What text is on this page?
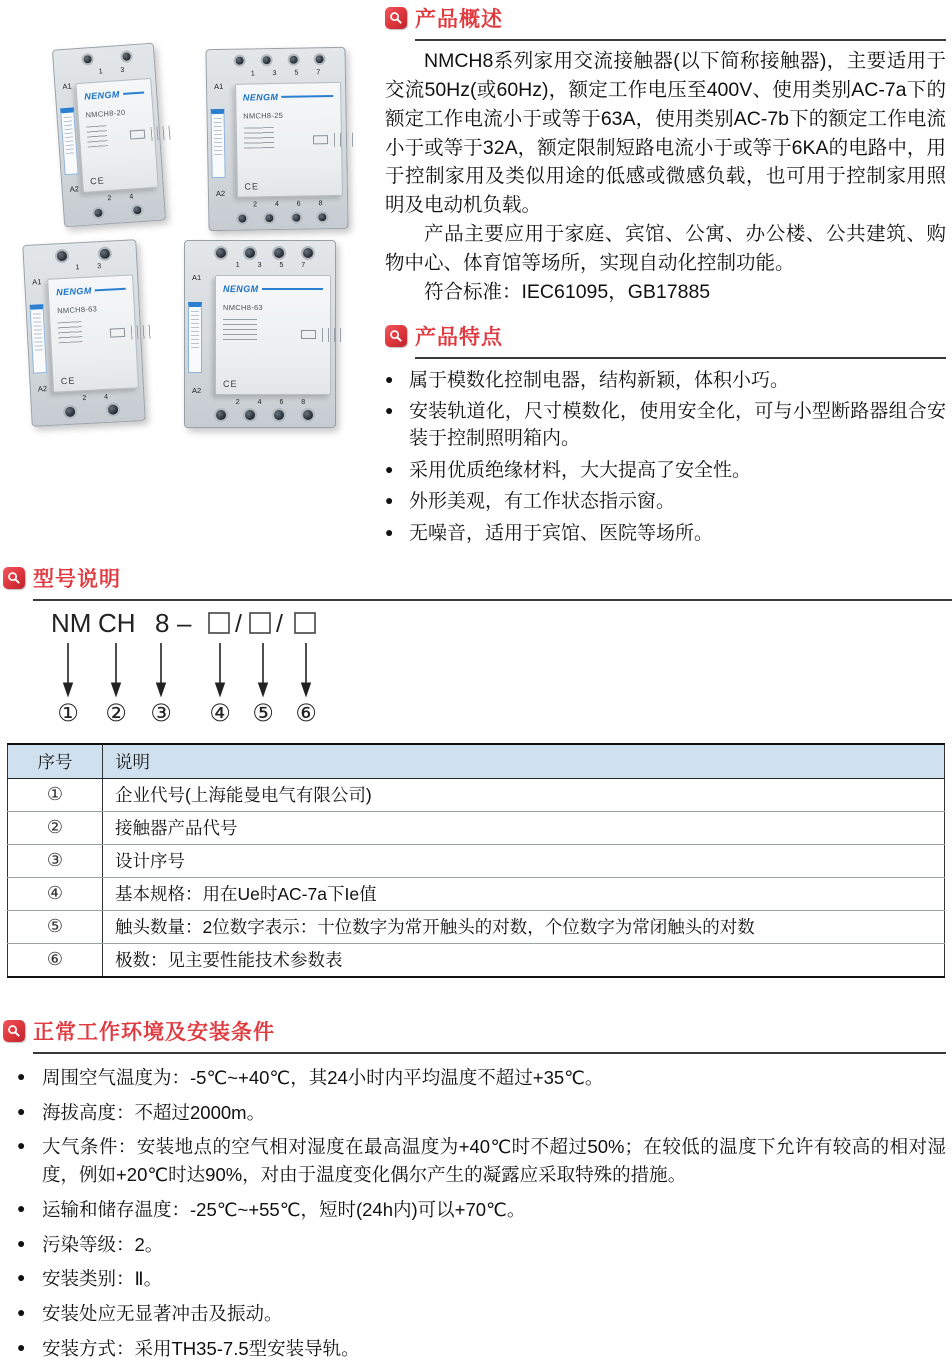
1 3
A1
NENGM
NMCH8-20
CE
A2
2 4
1 3 5 7
A1
NENGM
NMCH8-25
CE
A2
2 4 6 8
1 3
A1
NENGM
NMCH8-63
CE
A2
2 4
1 3 5 7
A1
NENGM
NMCH8-63
CE
A2
2 4 6 8
产品概述

NMCH8系列家用交流接触器(以下简称接触器)，主要适用于交流50Hz(或60Hz)，额定工作电压至400V、使用类别AC-7a下的额定工作电流小于或等于63A，使用类别AC-7b下的额定工作电流小于或等于32A，额定限制短路电流小于或等于6KA的电路中，用于控制家用及类似用途的低感或微感负载，也可用于控制家用照明及电动机负载。

产品主要应用于家庭、宾馆、公寓、办公楼、公共建筑、购物中心、体育馆等场所，实现自动化控制功能。

符合标准：IEC61095，GB17885

产品特点
● 属于模数化控制电器，结构新颖，体积小巧。
● 安装轨道化，尺寸模数化，使用安全化，可与小型断路器组合安装于控制照明箱内。
● 采用优质绝缘材料，大大提高了安全性。
● 外形美观，有工作状态指示窗。
● 无噪音，适用于宾馆、医院等场所。
型号说明
NM CH 8 – / /
① ② ③ ④ ⑤ ⑥
序号	说明
①	企业代号(上海能曼电气有限公司)
②	接触器产品代号
③	设计序号
④	基本规格：用在Ue时AC-7a下Ie值
⑤	触头数量：2位数字表示：十位数字为常开触头的对数，个位数字为常闭触头的对数
⑥	极数：见主要性能技术参数表
正常工作环境及安装条件
● 周围空气温度为：-5℃~+40℃，其24小时内平均温度不超过+35℃。
● 海拔高度：不超过2000m。
● 大气条件：安装地点的空气相对湿度在最高温度为+40℃时不超过50%；在较低的温度下允许有较高的相对湿度，例如+20℃时达90%，对由于温度变化偶尔产生的凝露应采取特殊的措施。
● 运输和储存温度：-25℃~+55℃，短时(24h内)可以+70℃。
● 污染等级：2。
● 安装类别：Ⅱ。
● 安装处应无显著冲击及振动。
● 安装方式：采用TH35-7.5型安装导轨。
